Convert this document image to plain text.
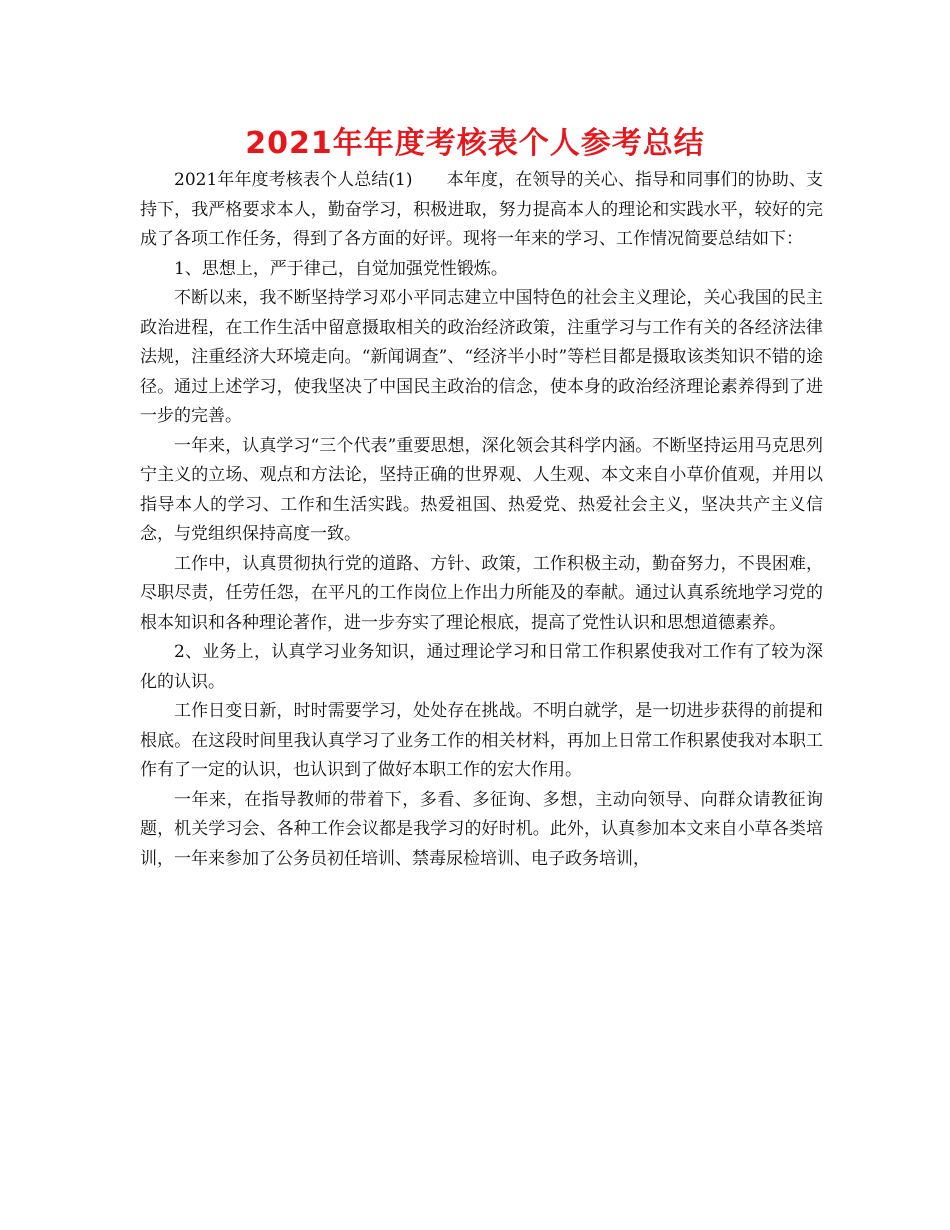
2021年年度考核表个人参考总结

2021年年度考核表个人总结(1)　　本年度，在领导的关心、指导和同事们的协助、支持下，我严格要求本人，勤奋学习，积极进取，努力提高本人的理论和实践水平，较好的完成了各项工作任务，得到了各方面的好评。现将一年来的学习、工作情况简要总结如下：

1、思想上，严于律己，自觉加强党性锻炼。

不断以来，我不断坚持学习邓小平同志建立中国特色的社会主义理论，关心我国的民主政治进程，在工作生活中留意摄取相关的政治经济政策，注重学习与工作有关的各经济法律法规，注重经济大环境走向。“新闻调查”、“经济半小时”等栏目都是摄取该类知识不错的途径。通过上述学习，使我坚决了中国民主政治的信念，使本身的政治经济理论素养得到了进一步的完善。

一年来，认真学习“三个代表”重要思想，深化领会其科学内涵。不断坚持运用马克思列宁主义的立场、观点和方法论，坚持正确的世界观、人生观、本文来自小草价值观，并用以指导本人的学习、工作和生活实践。热爱祖国、热爱党、热爱社会主义，坚决共产主义信念，与党组织保持高度一致。

工作中，认真贯彻执行党的道路、方针、政策，工作积极主动，勤奋努力，不畏困难，尽职尽责，任劳任怨，在平凡的工作岗位上作出力所能及的奉献。通过认真系统地学习党的根本知识和各种理论著作，进一步夯实了理论根底，提高了党性认识和思想道德素养。

2、业务上，认真学习业务知识，通过理论学习和日常工作积累使我对工作有了较为深化的认识。

工作日变日新，时时需要学习，处处存在挑战。不明白就学，是一切进步获得的前提和根底。在这段时间里我认真学习了业务工作的相关材料，再加上日常工作积累使我对本职工作有了一定的认识，也认识到了做好本职工作的宏大作用。

一年来，在指导教师的带着下，多看、多征询、多想，主动向领导、向群众请教征询题，机关学习会、各种工作会议都是我学习的好时机。此外，认真参加本文来自小草各类培训，一年来参加了公务员初任培训、禁毒尿检培训、电子政务培训，
